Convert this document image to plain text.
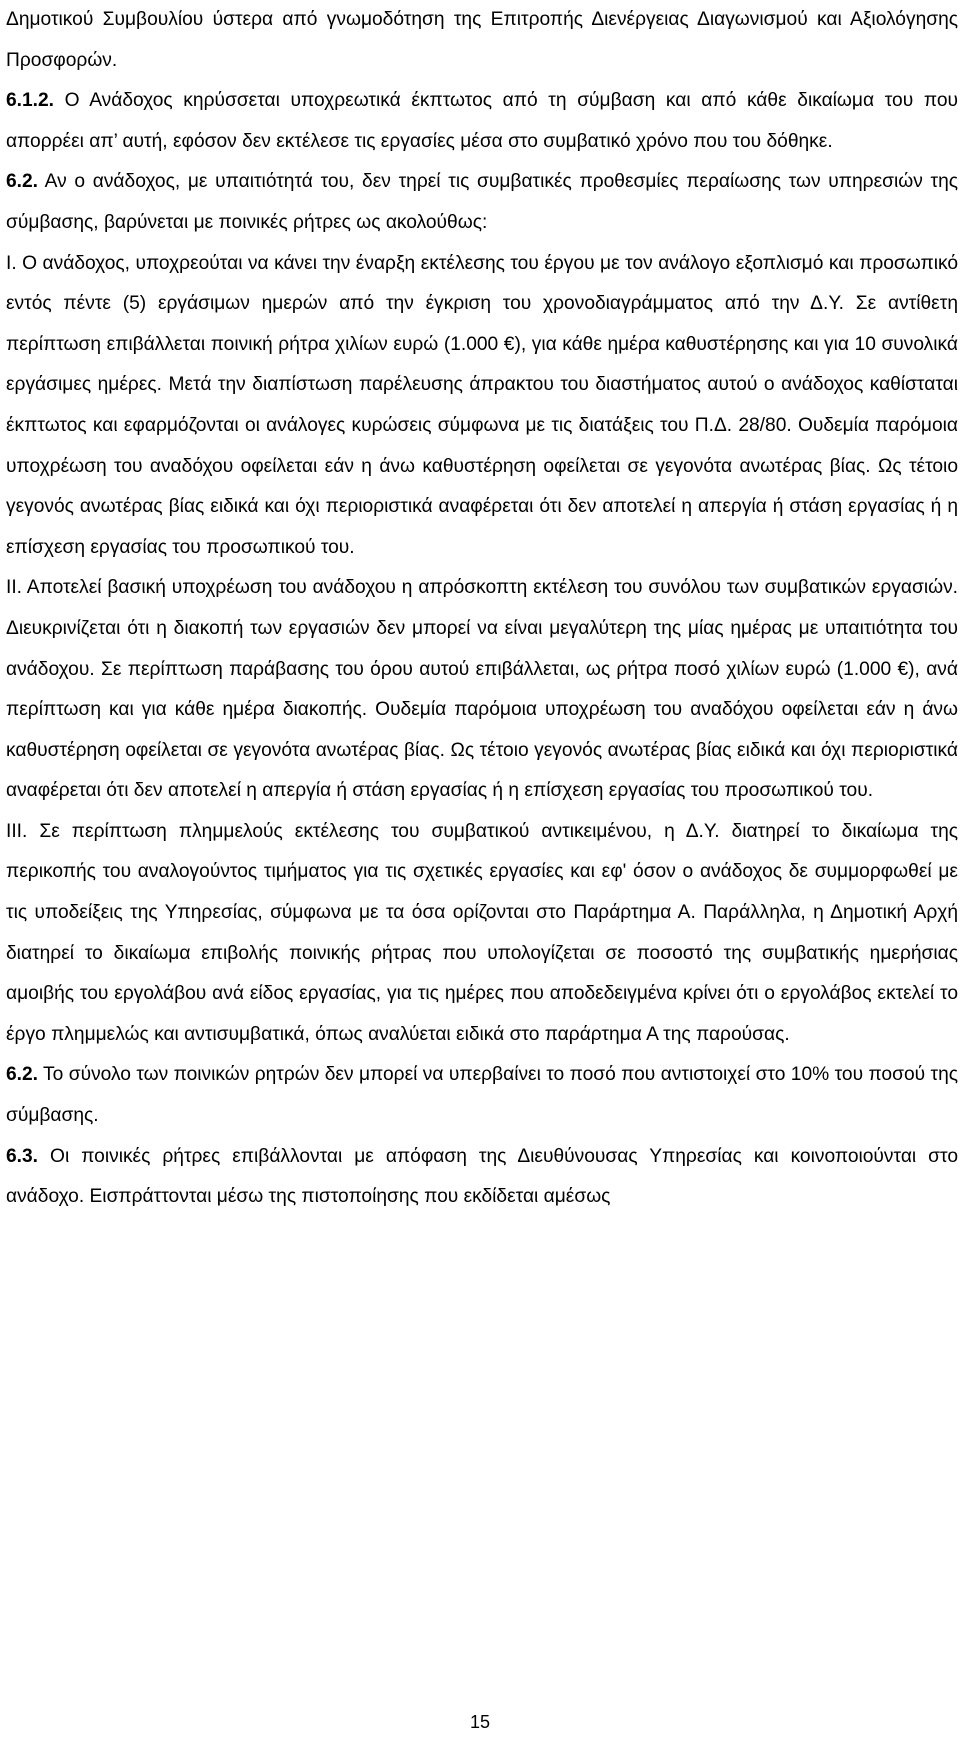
Δημοτικού Συμβουλίου ύστερα από γνωμοδότηση της Επιτροπής Διενέργειας Διαγωνισμού και Αξιολόγησης Προσφορών.

6.1.2. Ο Ανάδοχος κηρύσσεται υποχρεωτικά έκπτωτος από τη σύμβαση και από κάθε δικαίωμα του που απορρέει απ’ αυτή, εφόσον δεν εκτέλεσε τις εργασίες μέσα στο συμβατικό χρόνο που του δόθηκε.

6.2. Αν ο ανάδοχος, με υπαιτιότητά του, δεν τηρεί τις συμβατικές προθεσμίες περαίωσης των υπηρεσιών της σύμβασης, βαρύνεται με ποινικές ρήτρες ως ακολούθως:

Ι. Ο ανάδοχος, υποχρεούται να κάνει την έναρξη εκτέλεσης του έργου με τον ανάλογο εξοπλισμό και προσωπικό εντός πέντε (5) εργάσιμων ημερών από την έγκριση του χρονοδιαγράμματος από την Δ.Υ. Σε αντίθετη περίπτωση επιβάλλεται ποινική ρήτρα χιλίων ευρώ (1.000 €), για κάθε ημέρα καθυστέρησης και για 10 συνολικά εργάσιμες ημέρες. Μετά την διαπίστωση παρέλευσης άπρακτου του διαστήματος αυτού ο ανάδοχος καθίσταται έκπτωτος και εφαρμόζονται οι ανάλογες κυρώσεις σύμφωνα με τις διατάξεις του Π.Δ. 28/80. Ουδεμία παρόμοια υποχρέωση του αναδόχου οφείλεται εάν η άνω καθυστέρηση οφείλεται σε γεγονότα ανωτέρας βίας. Ως τέτοιο γεγονός ανωτέρας βίας ειδικά και όχι περιοριστικά αναφέρεται ότι δεν αποτελεί η απεργία ή στάση εργασίας ή η επίσχεση εργασίας του προσωπικού του.

ΙΙ. Αποτελεί βασική υποχρέωση του ανάδοχου η απρόσκοπτη εκτέλεση του συνόλου των συμβατικών εργασιών. Διευκρινίζεται ότι η διακοπή των εργασιών δεν μπορεί να είναι μεγαλύτερη της μίας ημέρας με υπαιτιότητα του ανάδοχου. Σε περίπτωση παράβασης του όρου αυτού επιβάλλεται, ως ρήτρα ποσό χιλίων ευρώ (1.000 €), ανά περίπτωση και για κάθε ημέρα διακοπής. Ουδεμία παρόμοια υποχρέωση του αναδόχου οφείλεται εάν η άνω καθυστέρηση οφείλεται σε γεγονότα ανωτέρας βίας. Ως τέτοιο γεγονός ανωτέρας βίας ειδικά και όχι περιοριστικά αναφέρεται ότι δεν αποτελεί η απεργία ή στάση εργασίας ή η επίσχεση εργασίας του προσωπικού του.

ΙΙΙ. Σε περίπτωση πλημμελούς εκτέλεσης του συμβατικού αντικειμένου, η Δ.Υ. διατηρεί το δικαίωμα της περικοπής του αναλογούντος τιμήματος για τις σχετικές εργασίες και εφ' όσον ο ανάδοχος δε συμμορφωθεί με τις υποδείξεις της Υπηρεσίας, σύμφωνα με τα όσα ορίζονται στο Παράρτημα Α. Παράλληλα, η Δημοτική Αρχή διατηρεί το δικαίωμα επιβολής ποινικής ρήτρας που υπολογίζεται σε ποσοστό της συμβατικής ημερήσιας αμοιβής του εργολάβου ανά είδος εργασίας, για τις ημέρες που αποδεδειγμένα κρίνει ότι ο εργολάβος εκτελεί το έργο πλημμελώς και αντισυμβατικά, όπως αναλύεται ειδικά στο παράρτημα Α της παρούσας.

6.2. Το σύνολο των ποινικών ρητρών δεν μπορεί να υπερβαίνει το ποσό που αντιστοιχεί στο 10% του ποσού της σύμβασης.

6.3. Οι ποινικές ρήτρες επιβάλλονται με απόφαση της Διευθύνουσας Υπηρεσίας και κοινοποιούνται στο ανάδοχο. Εισπράττονται μέσω της πιστοποίησης που εκδίδεται αμέσως

15
